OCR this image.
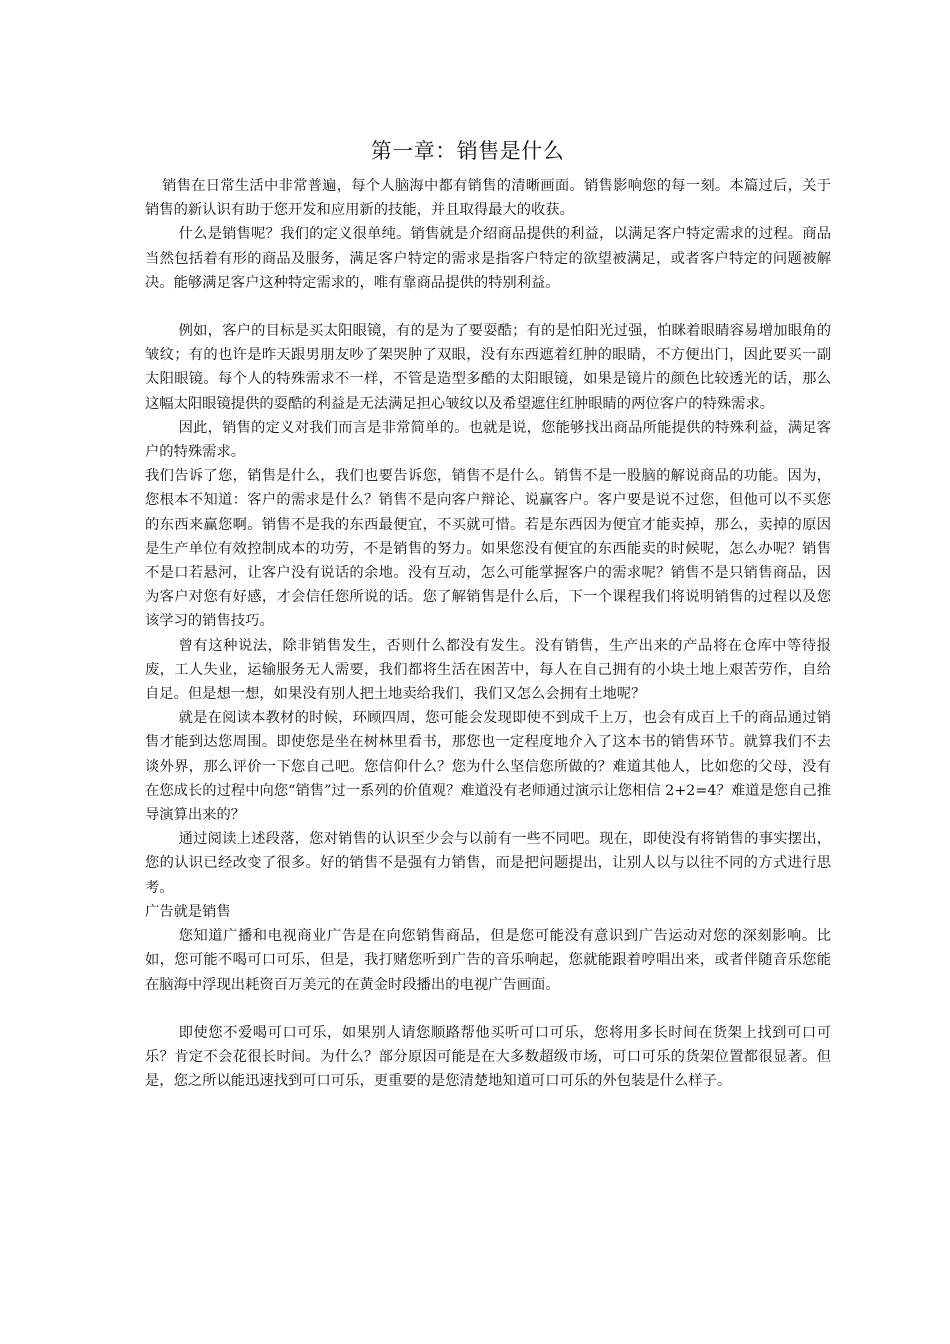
第一章：销售是什么

销售在日常生活中非常普遍，每个人脑海中都有销售的清晰画面。销售影响您的每一刻。本篇过后，关于销售的新认识有助于您开发和应用新的技能，并且取得最大的收获。

什么是销售呢？我们的定义很单纯。销售就是介绍商品提供的利益，以满足客户特定需求的过程。商品当然包括着有形的商品及服务，满足客户特定的需求是指客户特定的欲望被满足，或者客户特定的问题被解决。能够满足客户这种特定需求的，唯有靠商品提供的特别利益。

例如，客户的目标是买太阳眼镜，有的是为了要耍酷；有的是怕阳光过强，怕眯着眼睛容易增加眼角的皱纹；有的也许是昨天跟男朋友吵了架哭肿了双眼，没有东西遮着红肿的眼睛，不方便出门，因此要买一副太阳眼镜。每个人的特殊需求不一样，不管是造型多酷的太阳眼镜，如果是镜片的颜色比较透光的话，那么这幅太阳眼镜提供的耍酷的利益是无法满足担心皱纹以及希望遮住红肿眼睛的两位客户的特殊需求。

因此，销售的定义对我们而言是非常简单的。也就是说，您能够找出商品所能提供的特殊利益，满足客户的特殊需求。

我们告诉了您，销售是什么，我们也要告诉您，销售不是什么。销售不是一股脑的解说商品的功能。因为，您根本不知道：客户的需求是什么？销售不是向客户辩论、说赢客户。客户要是说不过您，但他可以不买您的东西来赢您啊。销售不是我的东西最便宜，不买就可惜。若是东西因为便宜才能卖掉，那么，卖掉的原因是生产单位有效控制成本的功劳，不是销售的努力。如果您没有便宜的东西能卖的时候呢，怎么办呢？销售不是口若悬河，让客户没有说话的余地。没有互动，怎么可能掌握客户的需求呢？销售不是只销售商品，因为客户对您有好感，才会信任您所说的话。您了解销售是什么后，下一个课程我们将说明销售的过程以及您该学习的销售技巧。

曾有这种说法，除非销售发生，否则什么都没有发生。没有销售，生产出来的产品将在仓库中等待报废，工人失业，运输服务无人需要，我们都将生活在困苦中，每人在自己拥有的小块土地上艰苦劳作，自给自足。但是想一想，如果没有别人把土地卖给我们，我们又怎么会拥有土地呢？

就是在阅读本教材的时候，环顾四周，您可能会发现即使不到成千上万，也会有成百上千的商品通过销售才能到达您周围。即使您是坐在树林里看书，那您也一定程度地介入了这本书的销售环节。就算我们不去谈外界，那么评价一下您自己吧。您信仰什么？您为什么坚信您所做的？难道其他人，比如您的父母，没有在您成长的过程中向您“销售”过一系列的价值观？难道没有老师通过演示让您相信 2+2=4？难道是您自己推导演算出来的？

通过阅读上述段落，您对销售的认识至少会与以前有一些不同吧。现在，即使没有将销售的事实摆出，您的认识已经改变了很多。好的销售不是强有力销售，而是把问题提出，让别人以与以往不同的方式进行思考。

广告就是销售

您知道广播和电视商业广告是在向您销售商品，但是您可能没有意识到广告运动对您的深刻影响。比如，您可能不喝可口可乐，但是，我打赌您听到广告的音乐响起，您就能跟着哼唱出来，或者伴随音乐您能在脑海中浮现出耗资百万美元的在黄金时段播出的电视广告画面。

即使您不爱喝可口可乐，如果别人请您顺路帮他买听可口可乐，您将用多长时间在货架上找到可口可乐？肯定不会花很长时间。为什么？部分原因可能是在大多数超级市场，可口可乐的货架位置都很显著。但是，您之所以能迅速找到可口可乐，更重要的是您清楚地知道可口可乐的外包装是什么样子。
